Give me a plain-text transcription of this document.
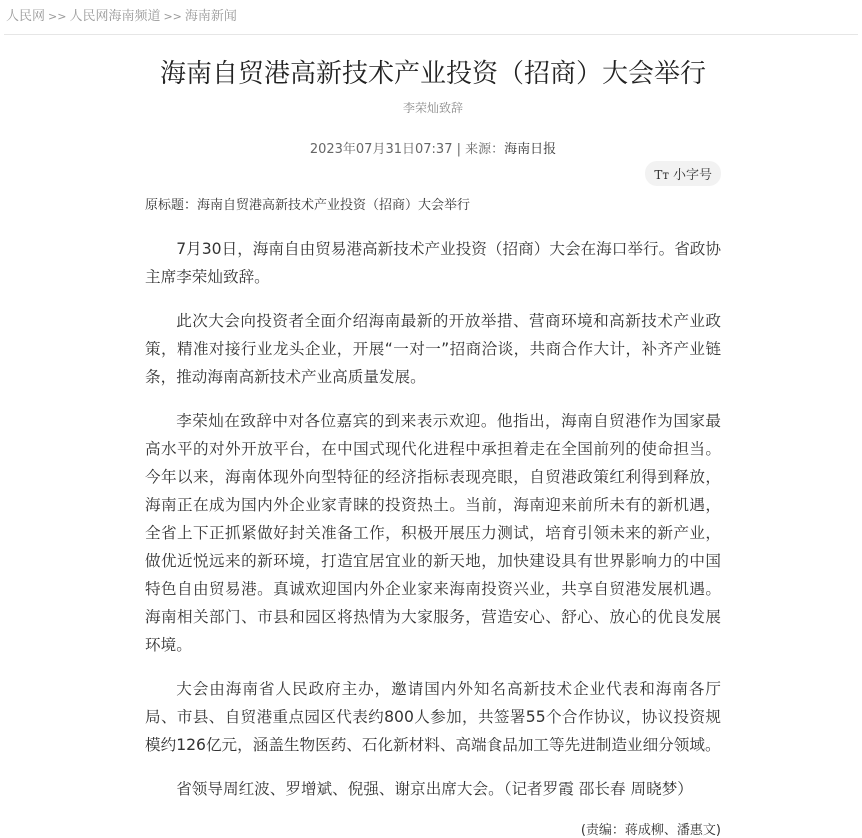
人民网 >> 人民网海南频道 >> 海南新闻
海南自贸港高新技术产业投资（招商）大会举行
李荣灿致辞
2023年07月31日07:37 | 来源：海南日报
Tт 小字号
原标题：海南自贸港高新技术产业投资（招商）大会举行

7月30日，海南自由贸易港高新技术产业投资（招商）大会在海口举行。省政协主席李荣灿致辞。

此次大会向投资者全面介绍海南最新的开放举措、营商环境和高新技术产业政策，精准对接行业龙头企业，开展“一对一”招商洽谈，共商合作大计，补齐产业链条，推动海南高新技术产业高质量发展。

李荣灿在致辞中对各位嘉宾的到来表示欢迎。他指出，海南自贸港作为国家最高水平的对外开放平台，在中国式现代化进程中承担着走在全国前列的使命担当。今年以来，海南体现外向型特征的经济指标表现亮眼，自贸港政策红利得到释放，海南正在成为国内外企业家青睐的投资热土。当前，海南迎来前所未有的新机遇，全省上下正抓紧做好封关准备工作，积极开展压力测试，培育引领未来的新产业，做优近悦远来的新环境，打造宜居宜业的新天地，加快建设具有世界影响力的中国特色自由贸易港。真诚欢迎国内外企业家来海南投资兴业，共享自贸港发展机遇。海南相关部门、市县和园区将热情为大家服务，营造安心、舒心、放心的优良发展环境。

大会由海南省人民政府主办，邀请国内外知名高新技术企业代表和海南各厅局、市县、自贸港重点园区代表约800人参加，共签署55个合作协议，协议投资规模约126亿元，涵盖生物医药、石化新材料、高端食品加工等先进制造业细分领域。

省领导周红波、罗增斌、倪强、谢京出席大会。（记者罗霞 邵长春 周晓梦）

(责编：蒋成柳、潘惠文)
